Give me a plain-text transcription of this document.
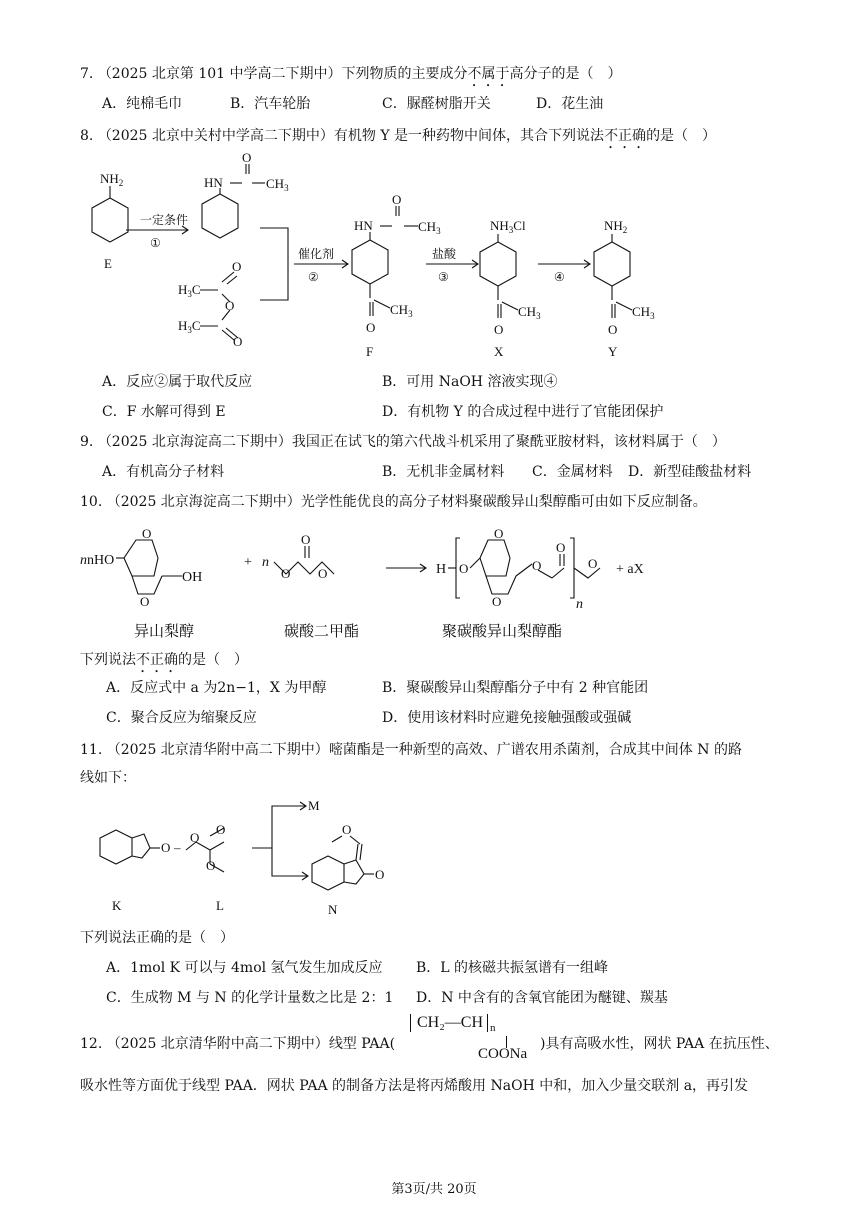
7. （2025 北京第 101 中学高二下期中）下列物质的主要成分不属于高分子的是（　）
A．纯棉毛巾	B．汽车轮胎	C．脲醛树脂开关	D．花生油
8. （2025 北京中关村中学高二下期中）有机物 Y 是一种药物中间体，其合下列说法不正确的是（　）
$NH_2$
E
一定条件
①
HN
O
$CH_3$
O
$H_3C$
O
$H_3C$
O
催化剂
②
HN
O
$CH_3$
O
$CH_3$
F
盐酸
③
$NH_3Cl$
O
$CH_3$
X
④
$NH_2$
O
$CH_3$
Y
A．反应②属于取代反应	B．可用 NaOH 溶液实现④
C．F 水解可得到 E	D．有机物 Y 的合成过程中进行了官能团保护
9. （2025 北京海淀高二下期中）我国正在试飞的第六代战斗机采用了聚酰亚胺材料，该材料属于（　）
A．有机高分子材料	B．无机非金属材料 C．金属材料 D．新型硅酸盐材料
10. （2025 北京海淀高二下期中）光学性能优良的高分子材料聚碳酸异山梨醇酯可由如下反应制备。
nnHO
O
O
OH
+ n
O O
O
H O
O
O
O
O
n
O + aX
异山梨醇	碳酸二甲酯	聚碳酸异山梨醇酯
下列说法不正确的是（　）
A．反应式中 a 为2n−1，X 为甲醇	B．聚碳酸异山梨醇酯分子中有 2 种官能团
C．聚合反应为缩聚反应	D．使用该材料时应避免接触强酸或强碱
11. （2025 北京清华附中高二下期中）嘧菌酯是一种新型的高效、广谱农用杀菌剂，合成其中间体 N 的路
线如下：
O –
O
O
O
M
O
O
K	L	N
下列说法正确的是（　）
A．1mol K 可以与 4mol 氢气发生加成反应 B．L 的核磁共振氢谱有一组峰
C．生成物 M 与 N 的化学计量数之比是 2：1 D．N 中含有的含氧官能团为醚键、羰基
12. （2025 北京清华附中高二下期中）线型 PAA(
CH₂—CH $_n$
COONa
)具有高吸水性，网状 PAA 在抗压性、
吸水性等方面优于线型 PAA．网状 PAA 的制备方法是将丙烯酸用 NaOH 中和，加入少量交联剂 a，再引发
第3页/共 20页
